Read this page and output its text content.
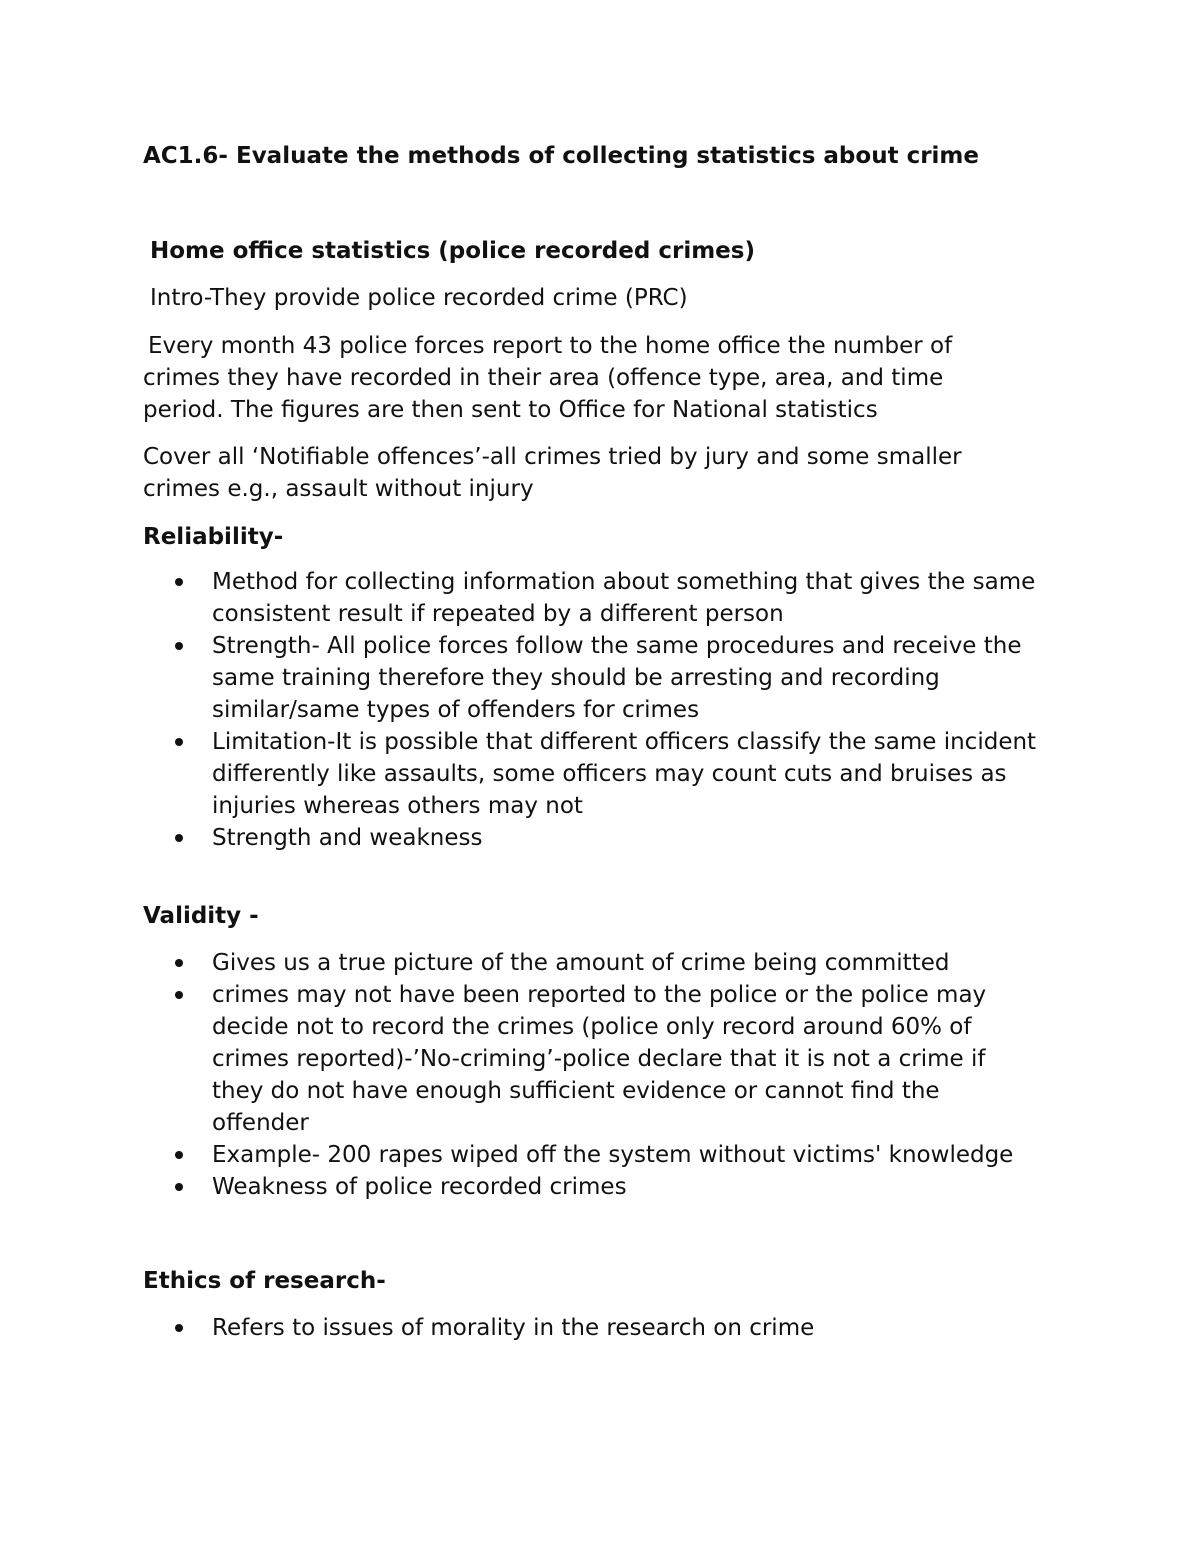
AC1.6- Evaluate the methods of collecting statistics about crime
Home office statistics (police recorded crimes)

Intro-They provide police recorded crime (PRC)

Every month 43 police forces report to the home office the number of
crimes they have recorded in their area (offence type, area, and time
period. The figures are then sent to Office for National statistics

Cover all ‘Notifiable offences’-all crimes tried by jury and some smaller
crimes e.g., assault without injury

Reliability-
Method for collecting information about something that gives the same
consistent result if repeated by a different person
Strength- All police forces follow the same procedures and receive the
same training therefore they should be arresting and recording
similar/same types of offenders for crimes
Limitation-It is possible that different officers classify the same incident
differently like assaults, some officers may count cuts and bruises as
injuries whereas others may not
Strength and weakness
Validity -
Gives us a true picture of the amount of crime being committed
crimes may not have been reported to the police or the police may
decide not to record the crimes (police only record around 60% of
crimes reported)-’No-criming’-police declare that it is not a crime if
they do not have enough sufficient evidence or cannot find the
offender
Example- 200 rapes wiped off the system without victims' knowledge
Weakness of police recorded crimes
Ethics of research-
Refers to issues of morality in the research on crime
